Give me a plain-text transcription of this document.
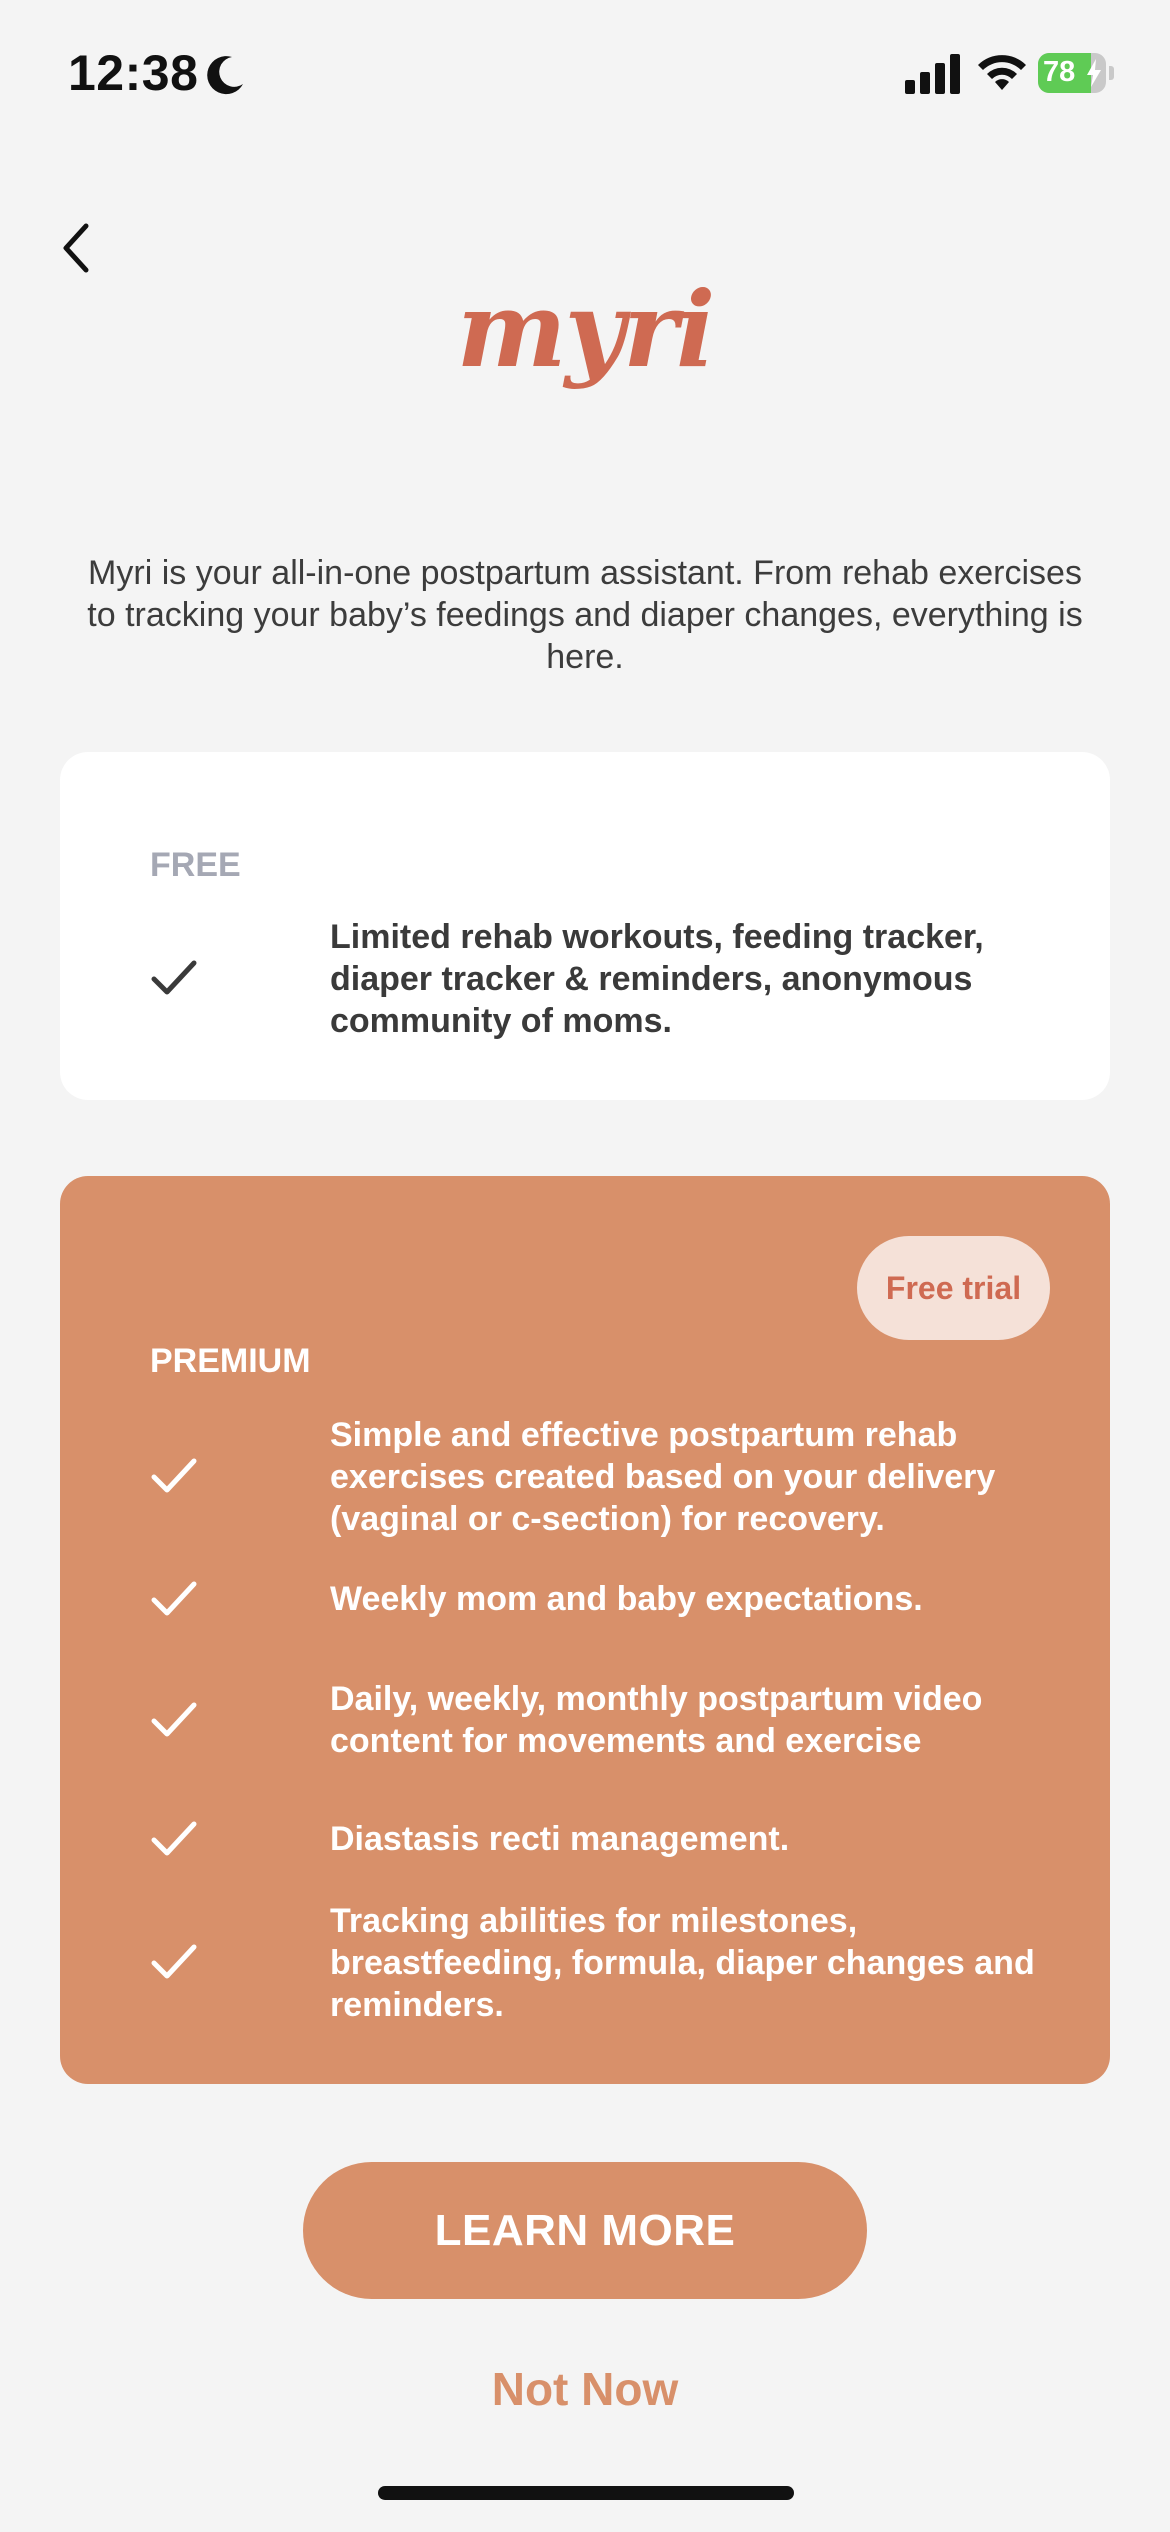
12:38	78
myri
Myri is your all-in-one postpartum assistant. From rehab exercises to tracking your baby’s feedings and diaper changes, everything is here.
FREE
Limited rehab workouts, feeding tracker, diaper tracker & reminders, anonymous community of moms.
Free trial
PREMIUM
Simple and effective postpartum rehab exercises created based on your delivery (vaginal or c-section) for recovery.
Weekly mom and baby expectations.
Daily, weekly, monthly postpartum video content for movements and exercise
Diastasis recti management.
Tracking abilities for milestones, breastfeeding, formula, diaper changes and reminders.
LEARN MORE
Not Now
